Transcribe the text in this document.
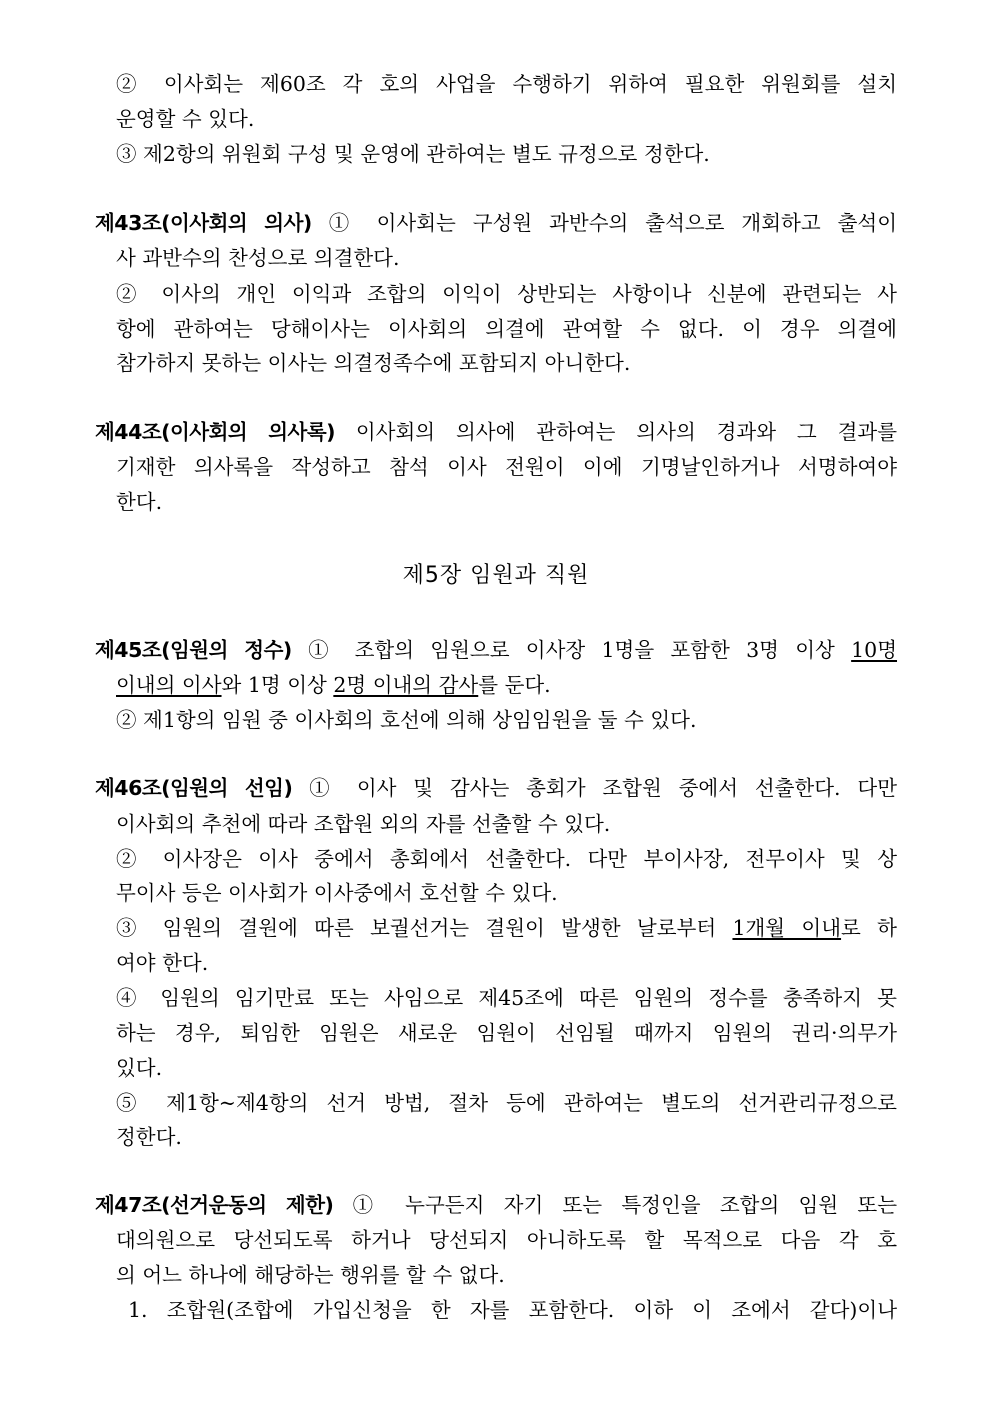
② 이사회는 제60조 각 호의 사업을 수행하기 위하여 필요한 위원회를 설치
운영할 수 있다.
③ 제2항의 위원회 구성 및 운영에 관하여는 별도 규정으로 정한다.
제43조(이사회의 의사) ① 이사회는 구성원 과반수의 출석으로 개회하고 출석이
사 과반수의 찬성으로 의결한다.
② 이사의 개인 이익과 조합의 이익이 상반되는 사항이나 신분에 관련되는 사
항에 관하여는 당해이사는 이사회의 의결에 관여할 수 없다. 이 경우 의결에
참가하지 못하는 이사는 의결정족수에 포함되지 아니한다.
제44조(이사회의 의사록) 이사회의 의사에 관하여는 의사의 경과와 그 결과를
기재한 의사록을 작성하고 참석 이사 전원이 이에 기명날인하거나 서명하여야
한다.
제5장 임원과 직원
제45조(임원의 정수) ① 조합의 임원으로 이사장 1명을 포함한 3명 이상 10명
이내의 이사와 1명 이상 2명 이내의 감사를 둔다.
② 제1항의 임원 중 이사회의 호선에 의해 상임임원을 둘 수 있다.
제46조(임원의 선임) ① 이사 및 감사는 총회가 조합원 중에서 선출한다. 다만
이사회의 추천에 따라 조합원 외의 자를 선출할 수 있다.
② 이사장은 이사 중에서 총회에서 선출한다. 다만 부이사장, 전무이사 및 상
무이사 등은 이사회가 이사중에서 호선할 수 있다.
③ 임원의 결원에 따른 보궐선거는 결원이 발생한 날로부터 1개월 이내로 하
여야 한다.
④ 임원의 임기만료 또는 사임으로 제45조에 따른 임원의 정수를 충족하지 못
하는 경우, 퇴임한 임원은 새로운 임원이 선임될 때까지 임원의 권리·의무가
있다.
⑤ 제1항~제4항의 선거 방법, 절차 등에 관하여는 별도의 선거관리규정으로
정한다.
제47조(선거운동의 제한) ① 누구든지 자기 또는 특정인을 조합의 임원 또는
대의원으로 당선되도록 하거나 당선되지 아니하도록 할 목적으로 다음 각 호
의 어느 하나에 해당하는 행위를 할 수 없다.
1. 조합원(조합에 가입신청을 한 자를 포함한다. 이하 이 조에서 같다)이나
